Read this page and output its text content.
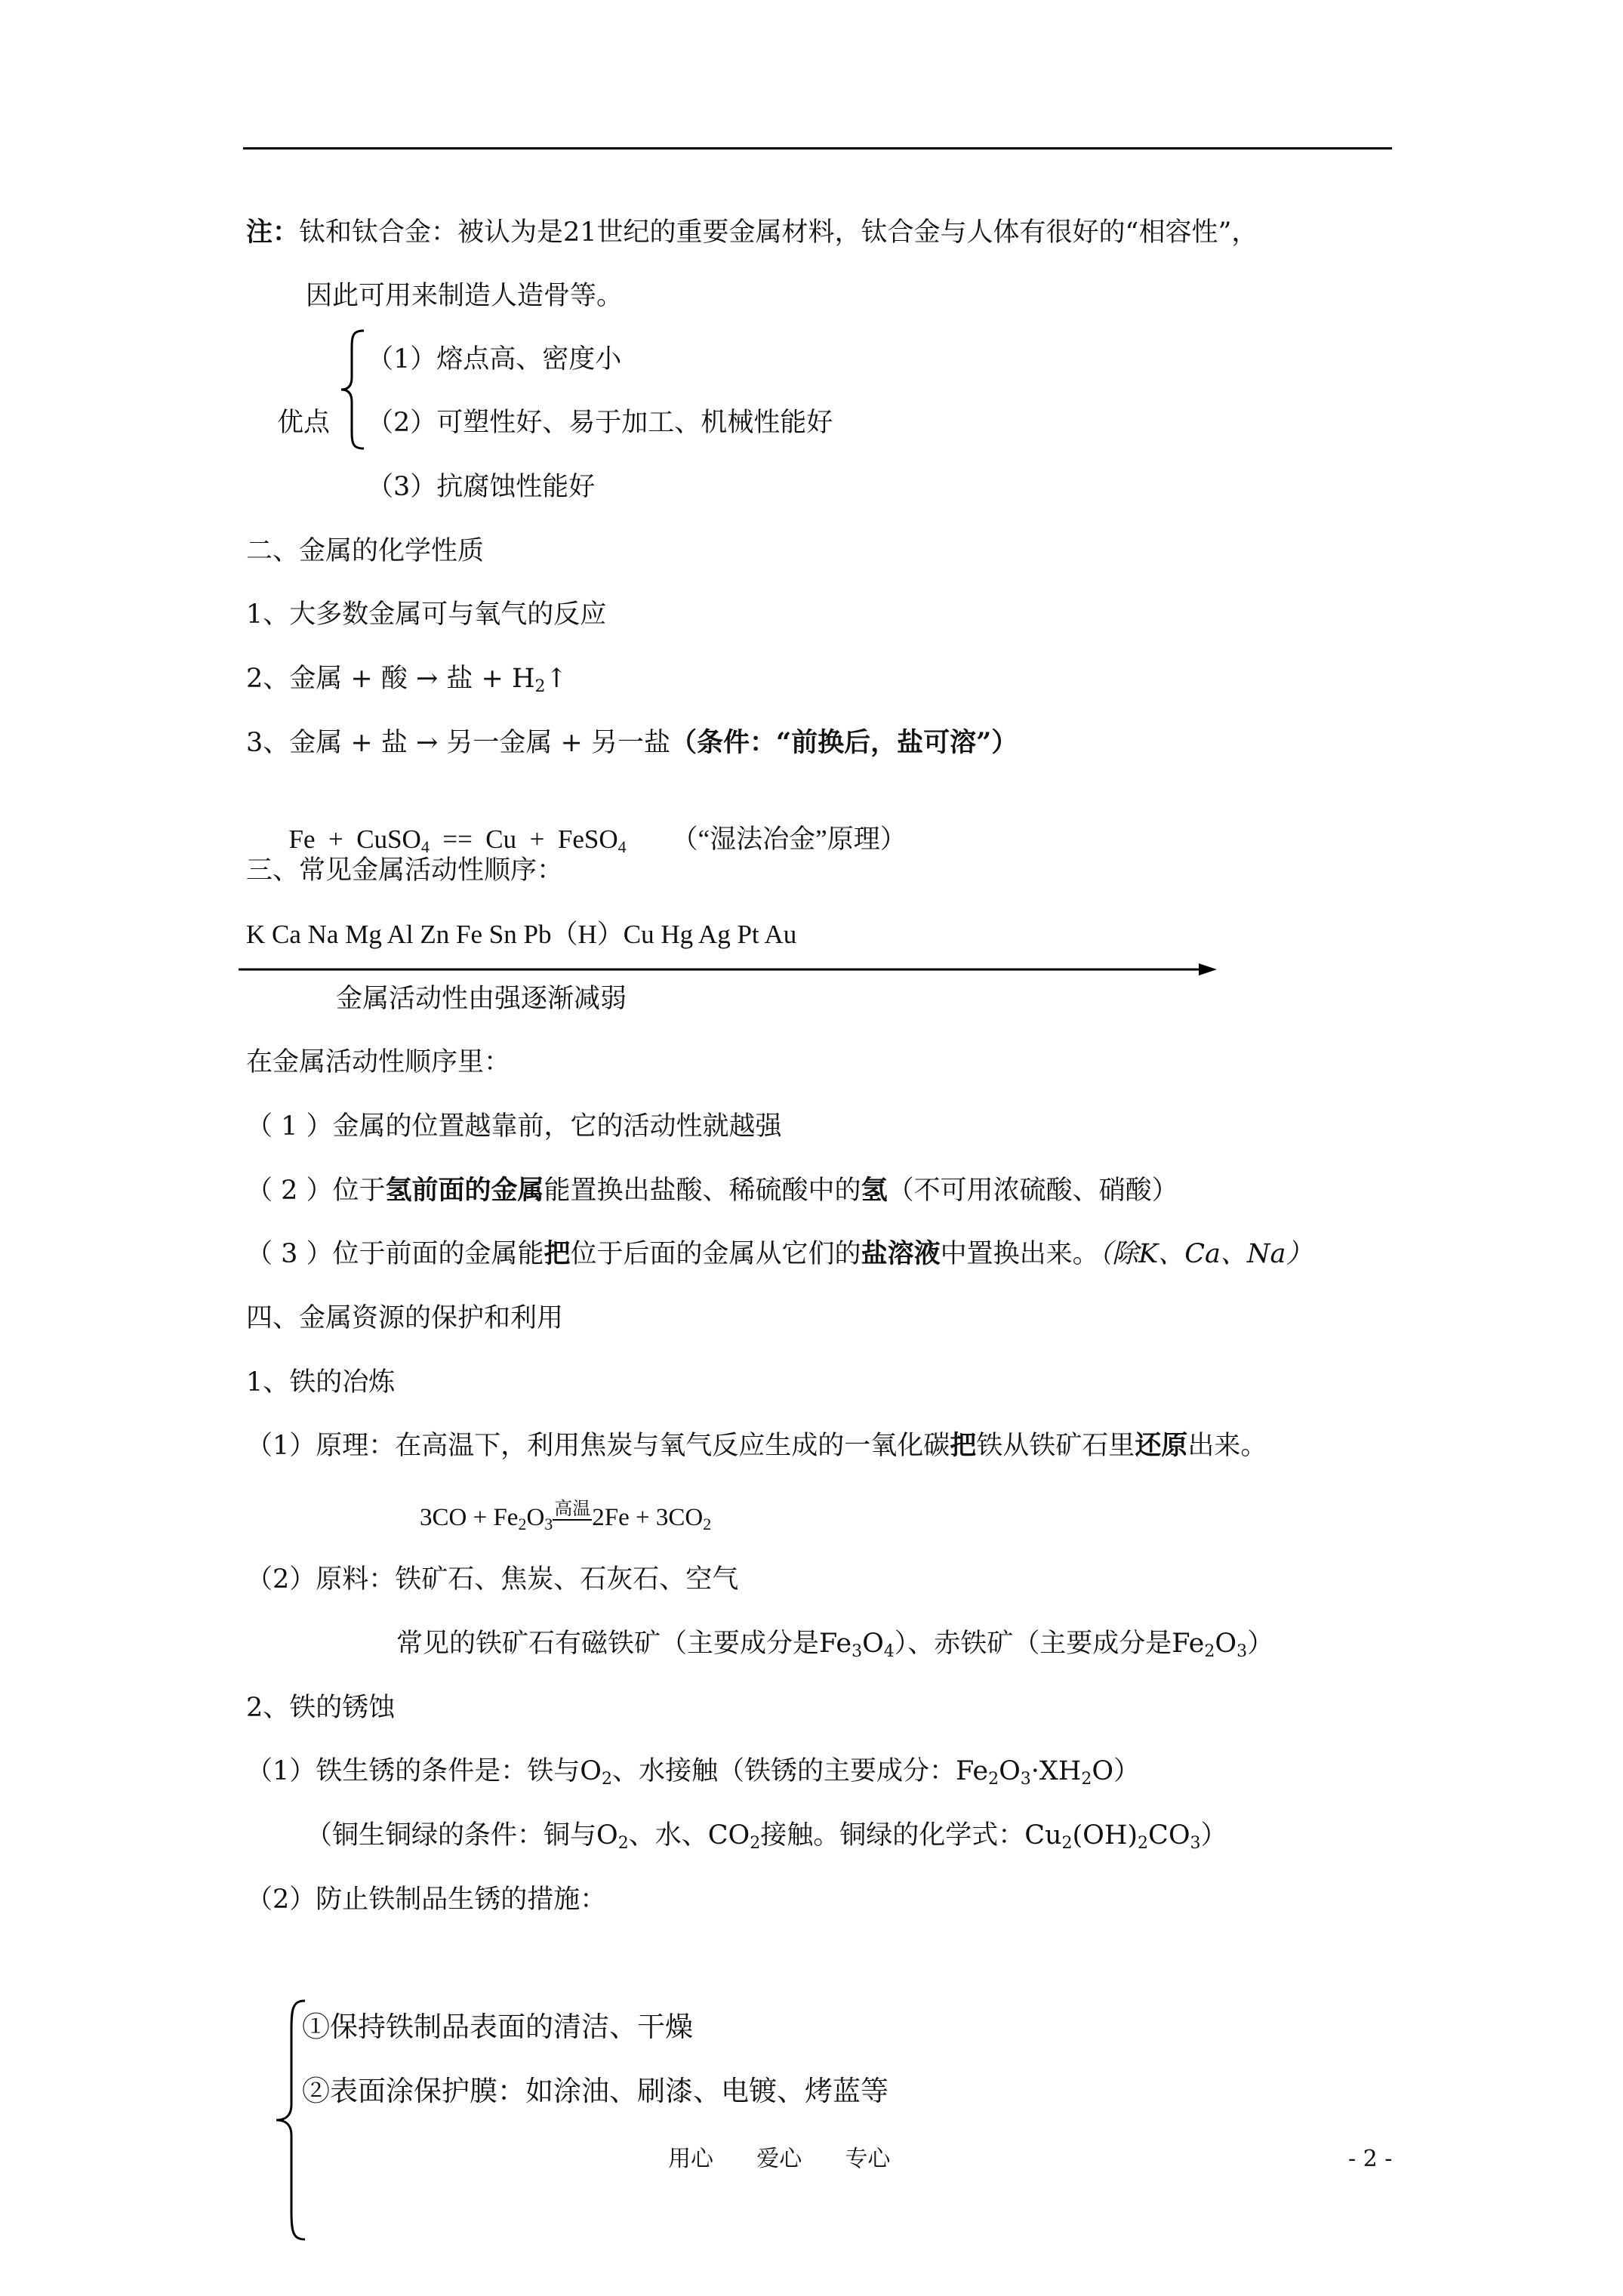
注：钛和钛合金：被认为是21世纪的重要金属材料，钛合金与人体有很好的“相容性”，
因此可用来制造人造骨等。
（1）熔点高、密度小
优点 （2）可塑性好、易于加工、机械性能好
（3）抗腐蚀性能好
二、金属的化学性质
1、大多数金属可与氧气的反应
2、金属 + 酸 → 盐 + $H_2↑$
3、金属 + 盐 → 另一金属 + 另一盐（条件：“前换后，盐可溶”）

Fe  +  CuSO$_4$  ==  Cu  +  FeSO$_4$ （“湿法冶金”原理）

三、常见金属活动性顺序：
K Ca Na Mg Al Zn Fe Sn Pb（H）Cu Hg Ag Pt Au
金属活动性由强逐渐减弱
在金属活动性顺序里：
（ 1 ）金属的位置越靠前，它的活动性就越强
（ 2 ）位于氢前面的金属能置换出盐酸、稀硫酸中的氢（不可用浓硫酸、硝酸）
（ 3 ）位于前面的金属能把位于后面的金属从它们的盐溶液中置换出来。（除K、Ca、Na）
四、金属资源的保护和利用
1、铁的冶炼
（1）原理：在高温下，利用焦炭与氧气反应生成的一氧化碳把铁从铁矿石里还原出来。
$3CO + Fe_2O_3$高温$2Fe + 3CO_2$
（2）原料：铁矿石、焦炭、石灰石、空气
常见的铁矿石有磁铁矿（主要成分是$Fe_3O_4$）、赤铁矿（主要成分是$Fe_2O_3$）
2、铁的锈蚀
（1）铁生锈的条件是：铁与$O_2$、水接触（铁锈的主要成分：$Fe_2O_3\cdot XH_2O$）
（铜生铜绿的条件：铜与$O_2$、水、$CO_2$接触。铜绿的化学式：$Cu_2(OH)_2CO_3$）
（2）防止铁制品生锈的措施：
①保持铁制品表面的清洁、干燥
②表面涂保护膜：如涂油、刷漆、电镀、烤蓝等
用心      爱心      专心	- 2 -
